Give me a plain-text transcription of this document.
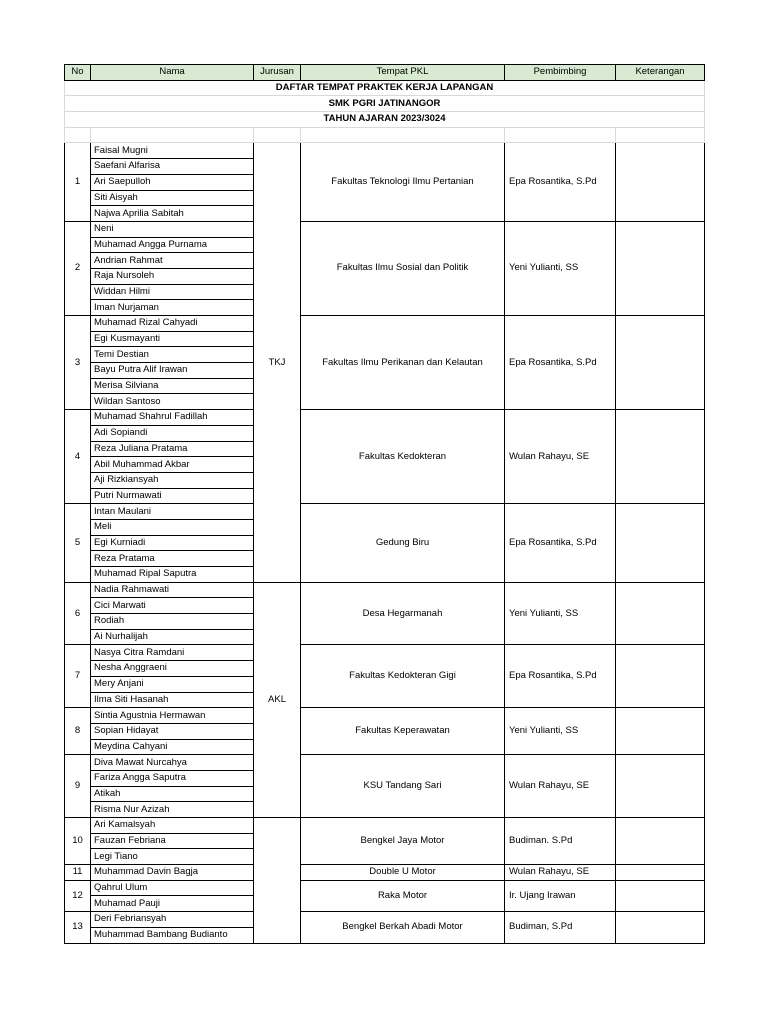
DAFTAR TEMPAT PRAKTEK KERJA LAPANGAN					
SMK PGRI JATINANGOR					
TAHUN AJARAN 2023/3024					

No	Nama	Jurusan	Tempat PKL	Pembimbing	Keterangan
1	Faisal Mugni	TKJ	Fakultas Teknologi Ilmu Pertanian	Epa Rosantika, S.Pd	
	Saefani Alfarisa				
	Ari Saepulloh				
	Siti Aisyah				
	Najwa Aprilia Sabitah				
2	Neni		Fakultas Ilmu Sosial dan Politik	Yeni Yulianti, SS	
	Muhamad Angga Purnama				
	Andrian Rahmat				
	Raja Nursoleh				
	Widdan Hilmi				
	Iman Nurjaman				
3	Muhamad Rizal Cahyadi		Fakultas Ilmu Perikanan dan Kelautan	Epa Rosantika, S.Pd	
	Egi Kusmayanti				
	Temi Destian				
	Bayu Putra Alif Irawan				
	Merisa Silviana				
	Wildan Santoso				
4	Muhamad Shahrul Fadillah		Fakultas Kedokteran	Wulan Rahayu, SE	
	Adi Sopiandi				
	Reza Juliana Pratama				
	Abil Muhammad Akbar				
	Aji Rizkiansyah				
	Putri Nurmawati				
5	Intan Maulani		Gedung Biru	Epa Rosantika, S.Pd	
	Meli				
	Egi Kurniadi				
	Reza Pratama				
	Muhamad Ripal Saputra				
6	Nadia Rahmawati	AKL	Desa Hegarmanah	Yeni Yulianti, SS	
	Cici Marwati				
	Rodiah				
	Ai Nurhalijah				
7	Nasya Citra Ramdani		Fakultas Kedokteran Gigi	Epa Rosantika, S.Pd	
	Nesha Anggraeni				
	Mery Anjani				
	Ilma Siti Hasanah				
8	Sintia Agustnia Hermawan		Fakultas Keperawatan	Yeni Yulianti, SS	
	Sopian Hidayat				
	Meydina Cahyani				
9	Diva Mawat Nurcahya		KSU Tandang Sari	Wulan Rahayu, SE	
	Fariza Angga Saputra				
	Atikah				
	Risma Nur Azizah				
10	Ari Kamalsyah		Bengkel Jaya Motor	Budiman. S.Pd	
	Fauzan Febriana				
	Legi Tiano				
11	Muhammad Davin Bagja		Double U Motor	Wulan Rahayu, SE	
12	Qahrul Ulum		Raka Motor	Ir. Ujang Irawan	
	Muhamad Pauji				
13	Deri Febriansyah		Bengkel Berkah Abadi Motor	Budiman, S.Pd	
	Muhammad Bambang Budianto				
